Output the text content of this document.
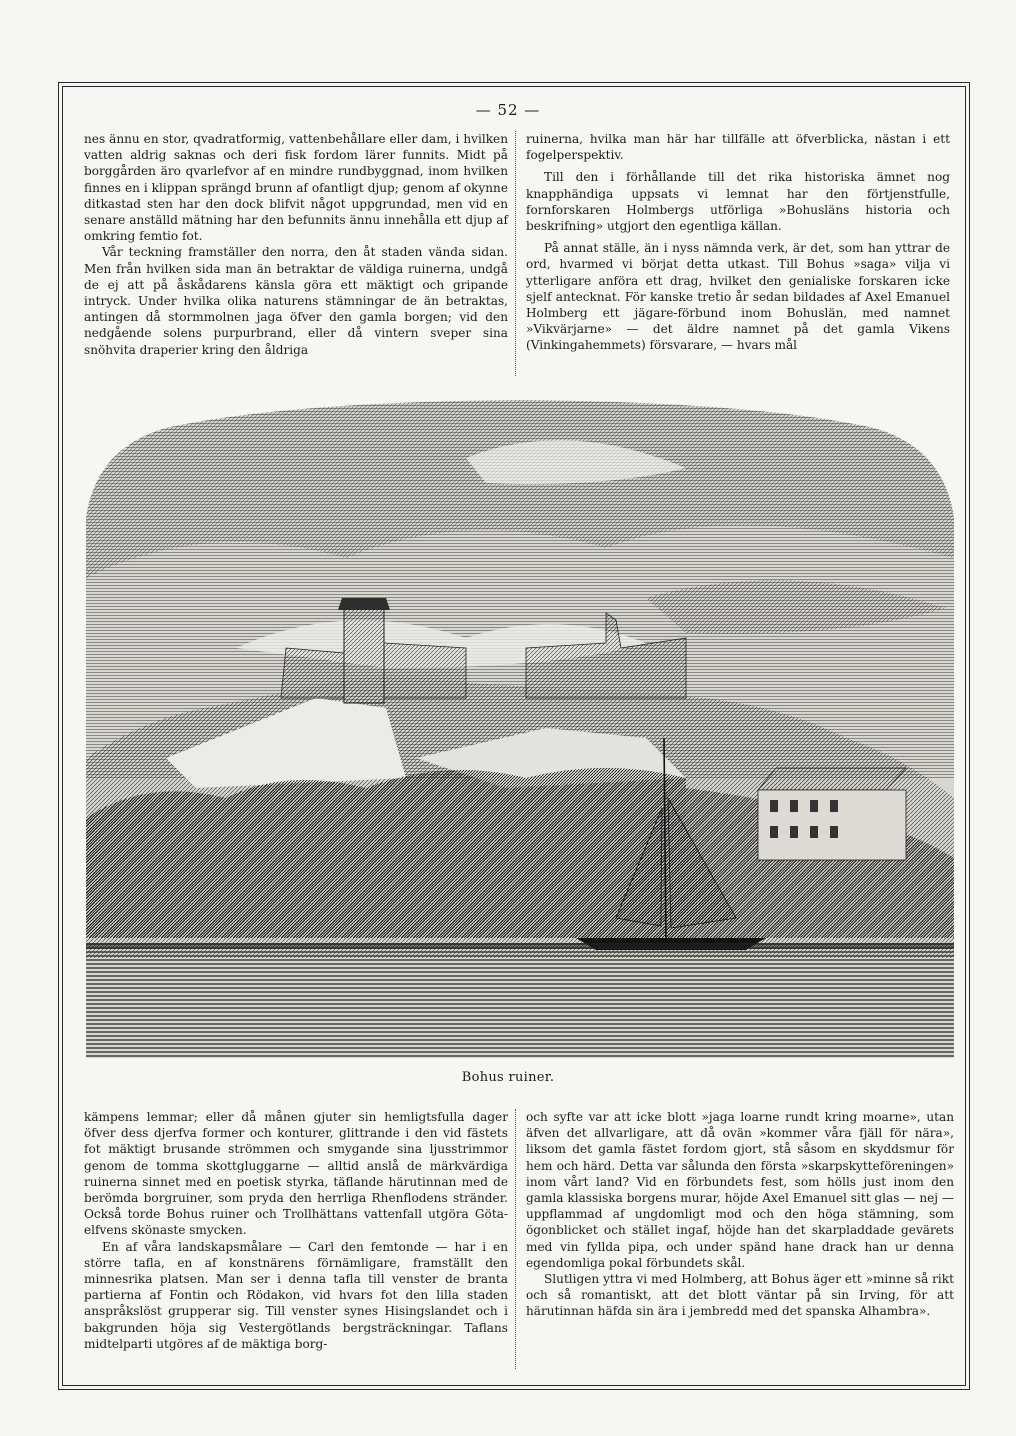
— 52 —

nes ännu en stor, qvadratformig, vattenbehållare eller dam, i hvilken vatten aldrig saknas och deri fisk fordom lärer funnits. Midt på borggården äro qvarlefvor af en mindre rundbyggnad, inom hvilken finnes en i klippan sprängd brunn af ofantligt djup; genom af okynne ditkastad sten har den dock blifvit något uppgrundad, men vid en senare anställd mätning har den befunnits ännu innehålla ett djup af omkring femtio fot.

Vår teckning framställer den norra, den åt staden vända sidan. Men från hvilken sida man än betraktar de väldiga ruinerna, undgå de ej att på åskådarens känsla göra ett mäktigt och gripande intryck. Under hvilka olika naturens stämningar de än betraktas, antingen då stormmolnen jaga öfver den gamla borgen; vid den nedgående solens purpurbrand, eller då vintern sveper sina snöhvita draperier kring den åldriga

ruinerna, hvilka man här har tillfälle att öfverblicka, nästan i ett fogelperspektiv.

Till den i förhållande till det rika historiska ämnet nog knapphändiga uppsats vi lemnat har den förtjenstfulle, fornforskaren Holmbergs utförliga »Bohusläns historia och beskrifning» utgjort den egentliga källan.

På annat ställe, än i nyss nämnda verk, är det, som han yttrar de ord, hvarmed vi börjat detta utkast. Till Bohus »saga» vilja vi ytterligare anföra ett drag, hvilket den genialiske forskaren icke sjelf antecknat. För kanske tretio år sedan bildades af Axel Emanuel Holmberg ett jägare-förbund inom Bohuslän, med namnet »Vikvärjarne» — det äldre namnet på det gamla Vikens (Vinkingahemmets) försvarare, — hvars mål

Bohus ruiner.

kämpens lemmar; eller då månen gjuter sin hemligtsfulla dager öfver dess djerfva former och konturer, glittrande i den vid fästets fot mäktigt brusande strömmen och smygande sina ljusstrimmor genom de tomma skottgluggarne — alltid anslå de märkvärdiga ruinerna sinnet med en poetisk styrka, täflande härutinnan med de berömda borgruiner, som pryda den herrliga Rhenflodens stränder. Också torde Bohus ruiner och Trollhättans vattenfall utgöra Göta-elfvens skönaste smycken.

En af våra landskapsmålare — Carl den femtonde — har i en större tafla, en af konstnärens förnämligare, framställt den minnesrika platsen. Man ser i denna tafla till venster de branta partierna af Fontin och Rödakon, vid hvars fot den lilla staden anspråkslöst grupperar sig. Till venster synes Hisingslandet och i bakgrunden höja sig Vestergötlands bergsträckningar. Taflans midtelparti utgöres af de mäktiga borg-

och syfte var att icke blott »jaga loarne rundt kring moarne», utan äfven det allvarligare, att då ovän »kommer våra fjäll för nära», liksom det gamla fästet fordom gjort, stå såsom en skyddsmur för hem och härd. Detta var sålunda den första »skarpskytteföreningen» inom vårt land? Vid en förbundets fest, som hölls just inom den gamla klassiska borgens murar, höjde Axel Emanuel sitt glas — nej — uppflammad af ungdomligt mod och den höga stämning, som ögonblicket och stället ingaf, höjde han det skarpladdade gevärets med vin fyllda pipa, och under spänd hane drack han ur denna egendomliga pokal förbundets skål.

Slutligen yttra vi med Holmberg, att Bohus äger ett »minne så rikt och så romantiskt, att det blott väntar på sin Irving, för att härutinnan häfda sin ära i jembredd med det spanska Alhambra».
